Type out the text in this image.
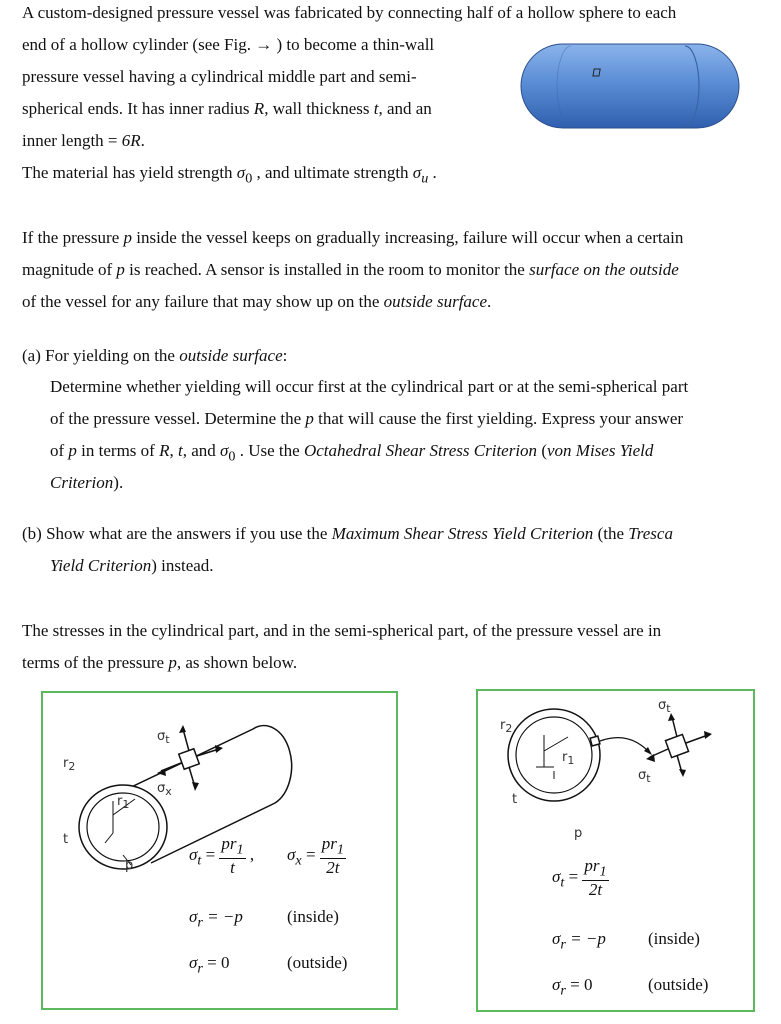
A custom-designed pressure vessel was fabricated by connecting half of a hollow sphere to each
end of a hollow cylinder (see Fig. → ) to become a thin-wall
pressure vessel having a cylindrical middle part and semi-
spherical ends. It has inner radius R, wall thickness t, and an
inner length = 6R.
The material has yield strength $\sigma_0$ , and ultimate strength $\sigma_u$ .
If the pressure p inside the vessel keeps on gradually increasing, failure will occur when a certain
magnitude of p is reached. A sensor is installed in the room to monitor the surface on the outside
of the vessel for any failure that may show up on the outside surface.
(a) For yielding on the outside surface:
Determine whether yielding will occur first at the cylindrical part or at the semi-spherical part
of the pressure vessel. Determine the p that will cause the first yielding. Express your answer
of p in terms of R, t, and $\sigma_0$ . Use the Octahedral Shear Stress Criterion (von Mises Yield
Criterion).
(b) Show what are the answers if you use the Maximum Shear Stress Yield Criterion (the Tresca
Yield Criterion) instead.
The stresses in the cylindrical part, and in the semi-spherical part, of the pressure vessel are in
terms of the pressure p, as shown below.
$\sigma_t$
$\sigma_x$
$r_2$
$r_1$
t
p
$\sigma_t = \frac{pr_1}{t}$ , $\sigma_x = \frac{pr_1}{2t}$
$\sigma_r = -p$	(inside)
$\sigma_r = 0$	(outside)
$r_2$
$r_1$
t
p
$\sigma_t$
$\sigma_t$
$\sigma_t = \frac{pr_1}{2t}$
$\sigma_r = -p$ (inside)
$\sigma_r = 0$	(outside)
